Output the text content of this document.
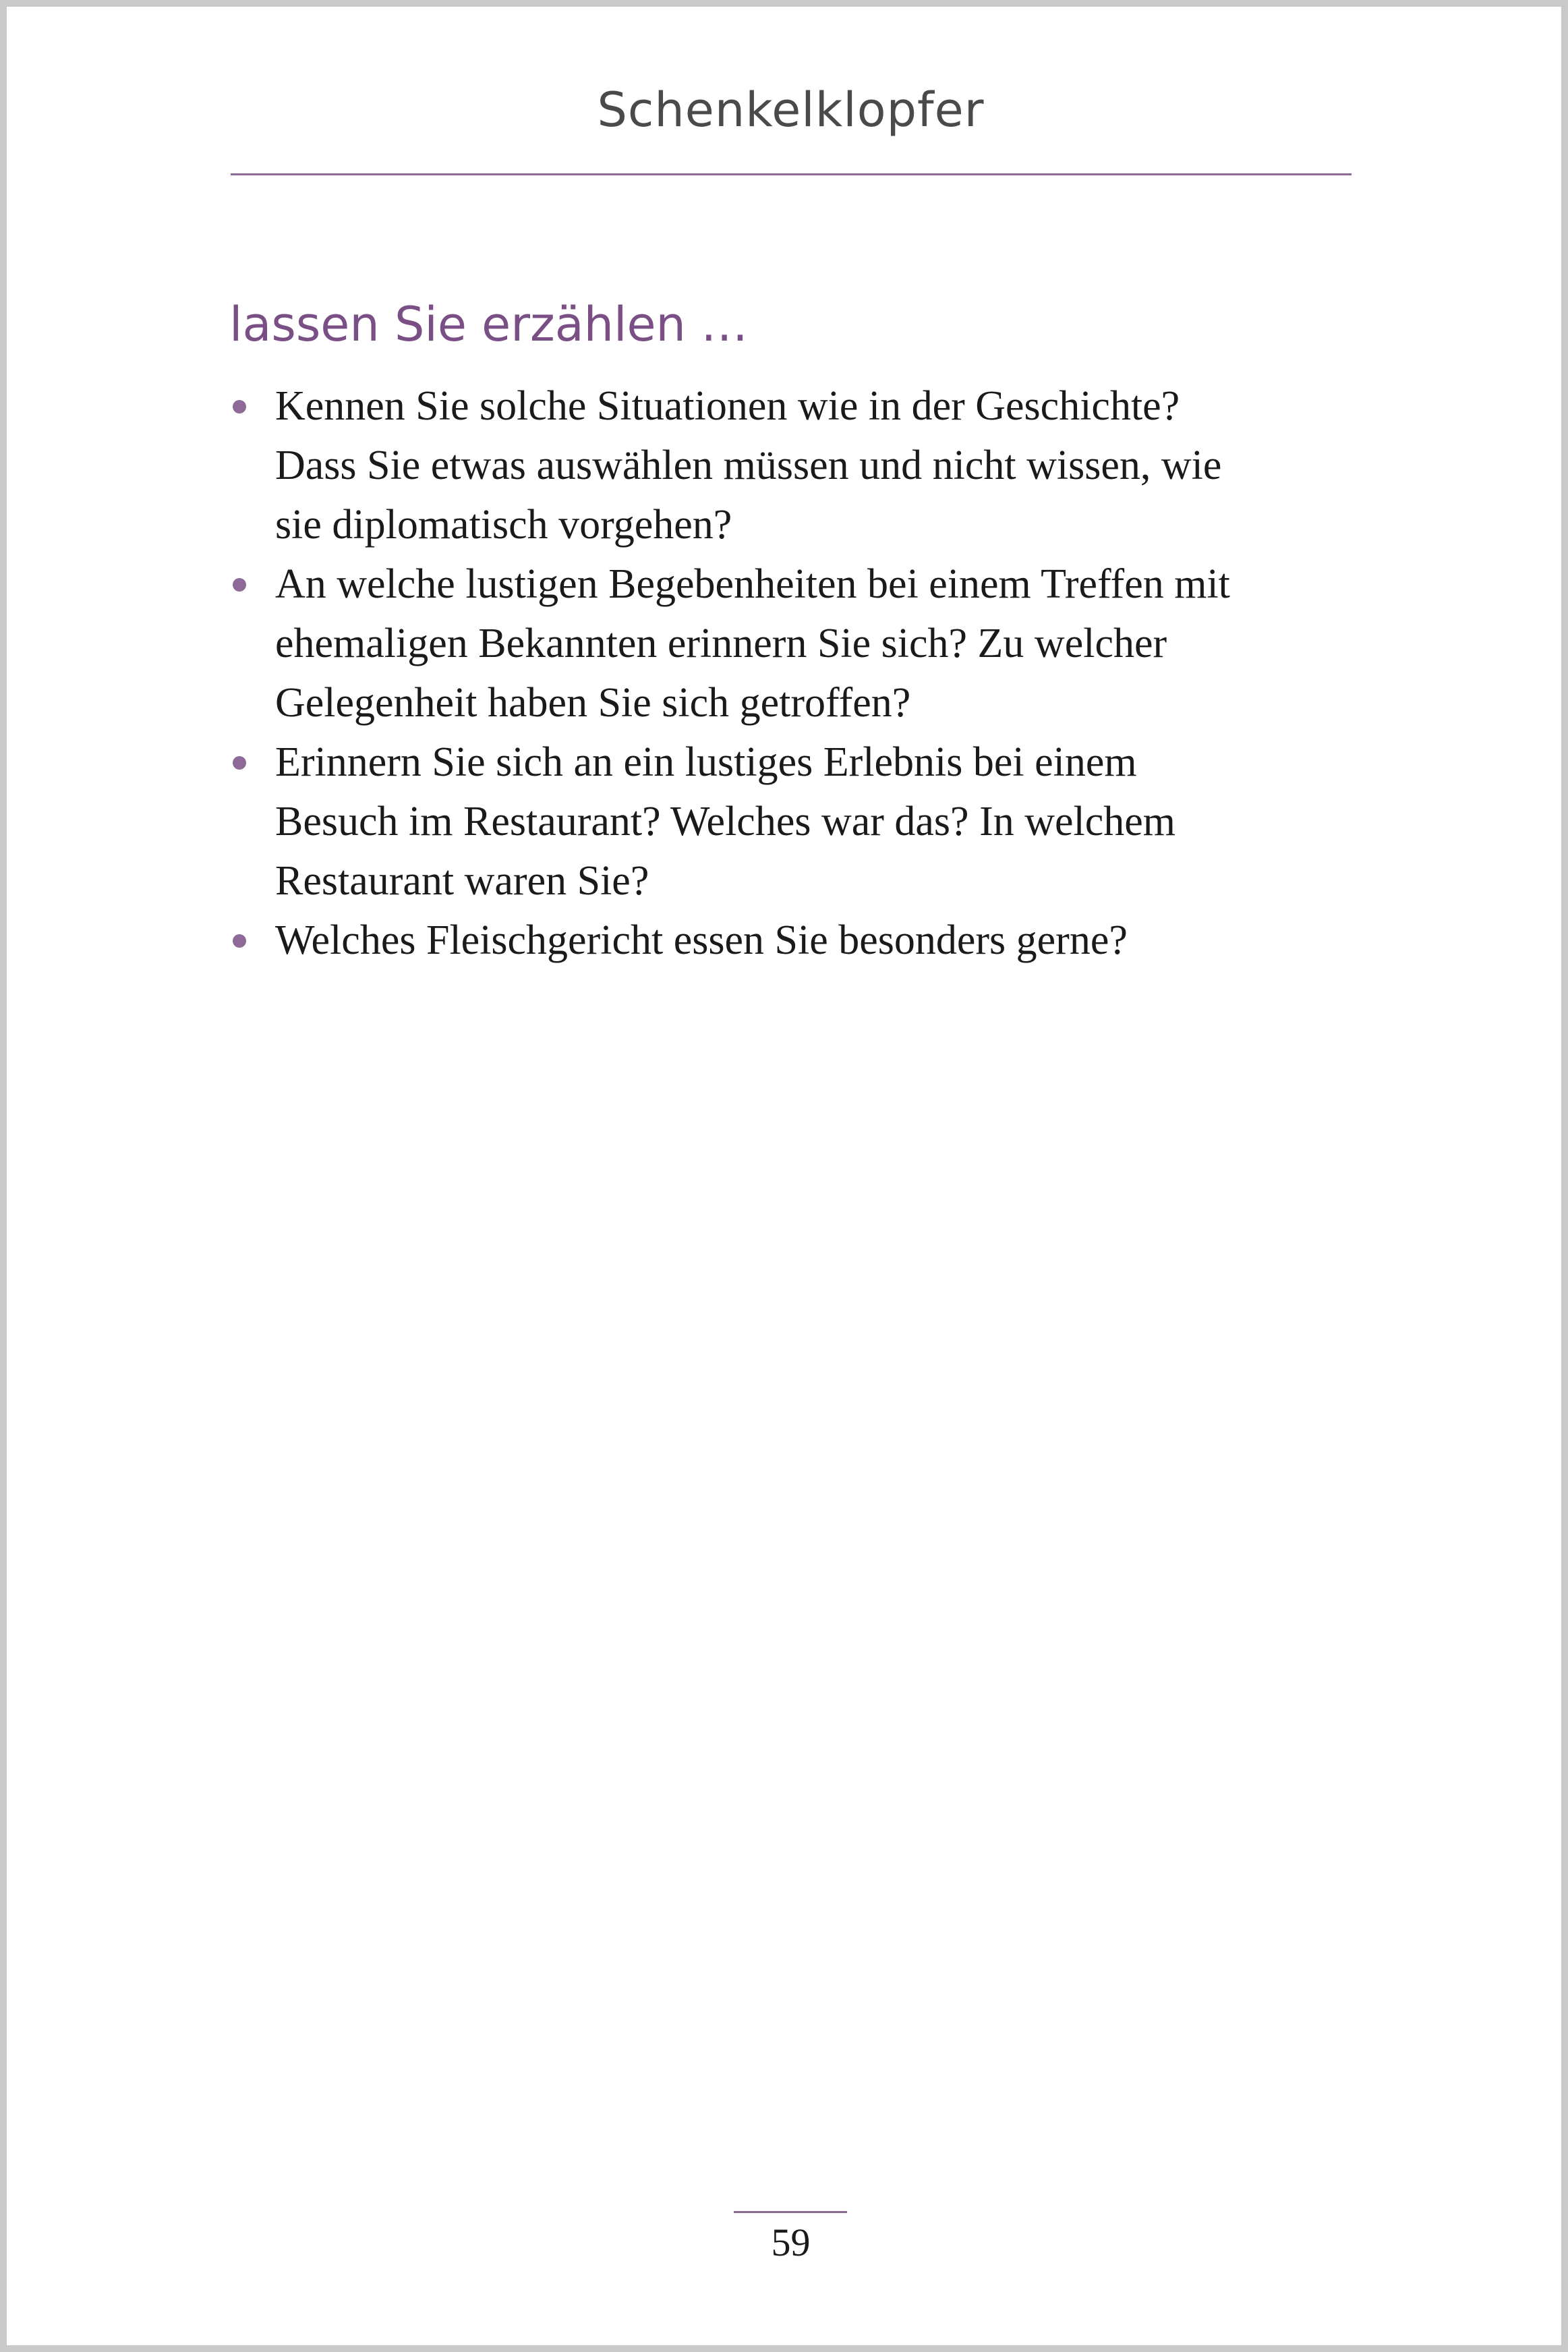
Schenkelklopfer
lassen Sie erzählen …
Kennen Sie solche Situationen wie in der Geschichte?
Dass Sie etwas auswählen müssen und nicht wissen, wie
sie diplomatisch vorgehen?
An welche lustigen Begebenheiten bei einem Treffen mit
ehemaligen Bekannten erinnern Sie sich? Zu welcher
Gelegenheit haben Sie sich getroffen?
Erinnern Sie sich an ein lustiges Erlebnis bei einem
Besuch im Restaurant? Welches war das? In welchem
Restaurant waren Sie?
Welches Fleischgericht essen Sie besonders gerne?
59
